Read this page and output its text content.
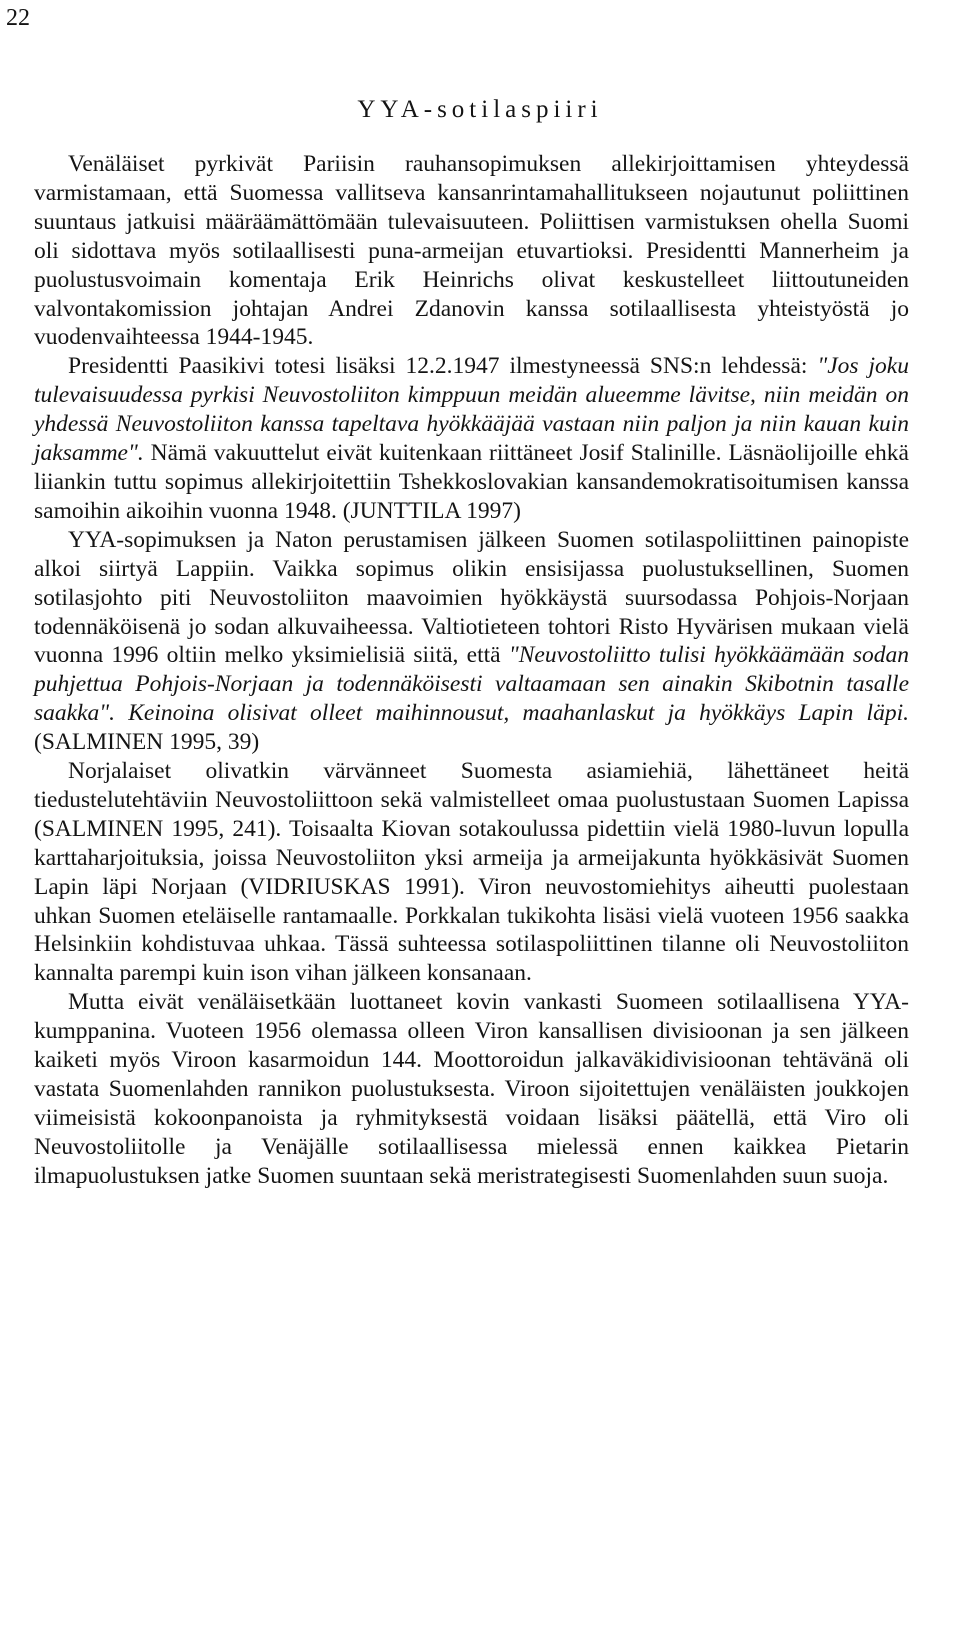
22
YYA-sotilaspiiri

Venäläiset pyrkivät Pariisin rauhansopimuksen allekirjoittamisen yhteydessä varmistamaan, että Suomessa vallitseva kansanrintamahallitukseen nojautunut poliittinen suuntaus jatkuisi määräämättömään tulevaisuuteen. Poliittisen varmistuksen ohella Suomi oli sidottava myös sotilaallisesti puna-armeijan etuvartioksi. Presidentti Mannerheim ja puolustusvoimain komentaja Erik Heinrichs olivat keskustelleet liittoutuneiden valvontakomission johtajan Andrei Zdanovin kanssa sotilaallisesta yhteistyöstä jo vuodenvaihteessa 1944-1945.

Presidentti Paasikivi totesi lisäksi 12.2.1947 ilmestyneessä SNS:n lehdessä: "Jos joku tulevaisuudessa pyrkisi Neuvostoliiton kimppuun meidän alueemme lävitse, niin meidän on yhdessä Neuvostoliiton kanssa tapeltava hyökkääjää vastaan niin paljon ja niin kauan kuin jaksamme". Nämä vakuuttelut eivät kuitenkaan riittäneet Josif Stalinille. Läsnäolijoille ehkä liiankin tuttu sopimus allekirjoitettiin Tshekkoslovakian kansandemokratisoitumisen kanssa samoihin aikoihin vuonna 1948. (JUNTTILA 1997)

YYA-sopimuksen ja Naton perustamisen jälkeen Suomen sotilaspoliittinen painopiste alkoi siirtyä Lappiin. Vaikka sopimus olikin ensisijassa puolustuksellinen, Suomen sotilasjohto piti Neuvostoliiton maavoimien hyökkäystä suursodassa Pohjois-Norjaan todennäköisenä jo sodan alkuvaiheessa. Valtiotieteen tohtori Risto Hyvärisen mukaan vielä vuonna 1996 oltiin melko yksimielisiä siitä, että "Neuvostoliitto tulisi hyökkäämään sodan puhjettua Pohjois-Norjaan ja todennäköisesti valtaamaan sen ainakin Skibotnin tasalle saakka". Keinoina olisivat olleet maihinnousut, maahanlaskut ja hyökkäys Lapin läpi. (SALMINEN 1995, 39)

Norjalaiset olivatkin värvänneet Suomesta asiamiehiä, lähettäneet heitä tiedustelutehtäviin Neuvostoliittoon sekä valmistelleet omaa puolustustaan Suomen Lapissa (SALMINEN 1995, 241). Toisaalta Kiovan sotakoulussa pidettiin vielä 1980-luvun lopulla karttaharjoituksia, joissa Neuvostoliiton yksi armeija ja armeijakunta hyökkäsivät Suomen Lapin läpi Norjaan (VIDRIUSKAS 1991). Viron neuvostomiehitys aiheutti puolestaan uhkan Suomen eteläiselle rantamaalle. Porkkalan tukikohta lisäsi vielä vuoteen 1956 saakka Helsinkiin kohdistuvaa uhkaa. Tässä suhteessa sotilaspoliittinen tilanne oli Neuvostoliiton kannalta parempi kuin ison vihan jälkeen konsanaan.

Mutta eivät venäläisetkään luottaneet kovin vankasti Suomeen sotilaallisena YYA-kumppanina. Vuoteen 1956 olemassa olleen Viron kansallisen divisioonan ja sen jälkeen kaiketi myös Viroon kasarmoidun 144. Moottoroidun jalkaväkidivisioonan tehtävänä oli vastata Suomenlahden rannikon puolustuksesta. Viroon sijoitettujen venäläisten joukkojen viimeisistä kokoonpanoista ja ryhmityksestä voidaan lisäksi päätellä, että Viro oli Neuvostoliitolle ja Venäjälle sotilaallisessa mielessä ennen kaikkea Pietarin ilmapuolustuksen jatke Suomen suuntaan sekä meristrategisesti Suomenlahden suun suoja.
